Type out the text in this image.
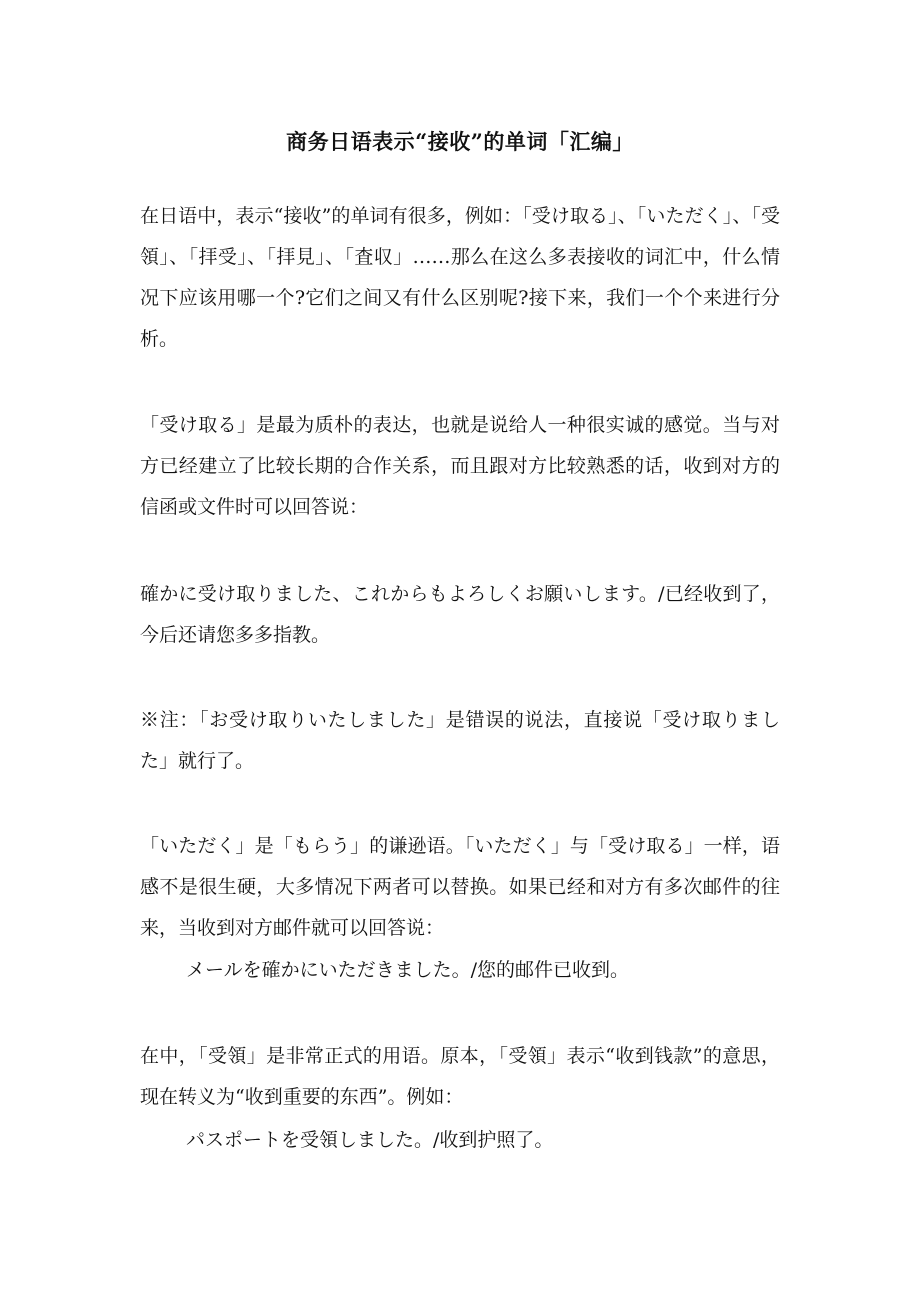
商务日语表示“接收”的单词「汇编」

在日语中，表示“接收”的单词有很多，例如：「受け取る」、「いただく」、「受領」、「拝受」、「拝見」、「査収」……那么在这么多表接收的词汇中，什么情况下应该用哪一个?它们之间又有什么区别呢?接下来，我们一个个来进行分析。

「受け取る」是最为质朴的表达，也就是说给人一种很实诚的感觉。当与对方已经建立了比较长期的合作关系，而且跟对方比较熟悉的话，收到对方的信函或文件时可以回答说：

確かに受け取りました、これからもよろしくお願いします。/已经收到了，今后还请您多多指教。

※注：「お受け取りいたしました」是错误的说法，直接说「受け取りました」就行了。

「いただく」是「もらう」的谦逊语。「いただく」与「受け取る」一样，语感不是很生硬，大多情况下两者可以替换。如果已经和对方有多次邮件的往来，当收到对方邮件就可以回答说：

メールを確かにいただきました。/您的邮件已收到。

在中，「受領」是非常正式的用语。原本，「受領」表示“收到钱款”的意思，现在转义为“收到重要的东西”。例如：

パスポートを受領しました。/收到护照了。
